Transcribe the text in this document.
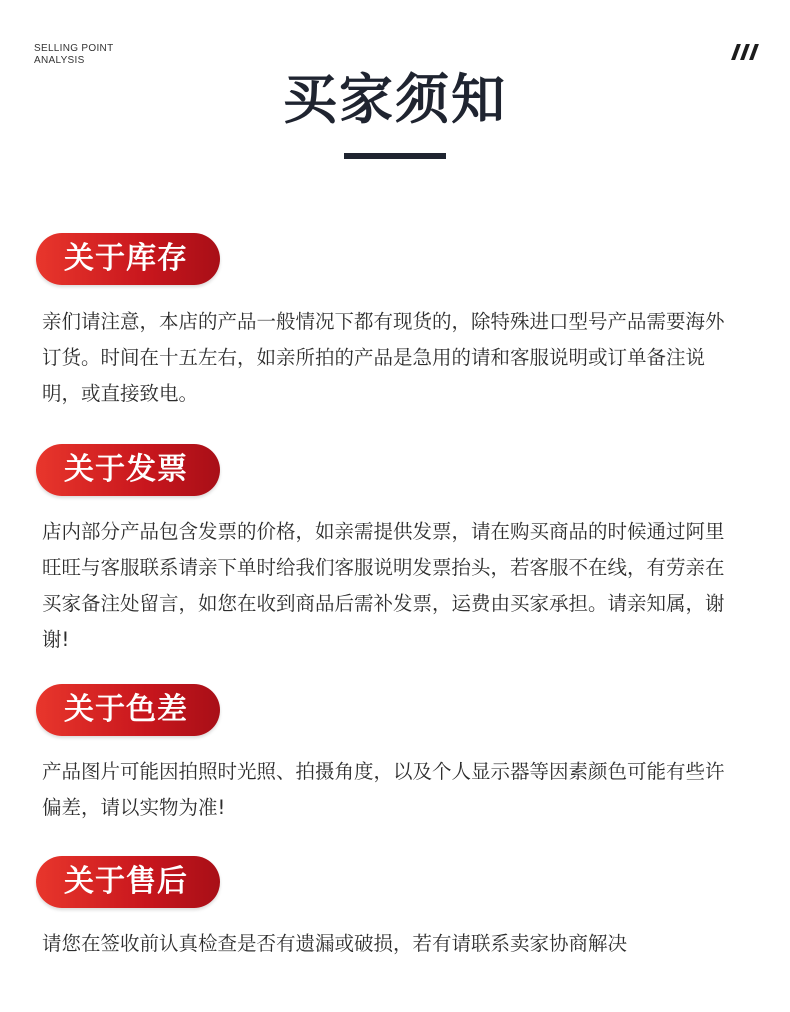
SELLING POINT
ANALYSIS
买家须知
关于库存
亲们请注意，本店的产品一般情况下都有现货的，除特殊进口型号产品需要海外订货。时间在十五左右，如亲所拍的产品是急用的请和客服说明或订单备注说明，或直接致电。
关于发票
店内部分产品包含发票的价格，如亲需提供发票，请在购买商品的时候通过阿里旺旺与客服联系请亲下单时给我们客服说明发票抬头，若客服不在线，有劳亲在买家备注处留言，如您在收到商品后需补发票，运费由买家承担。请亲知属，谢谢!
关于色差
产品图片可能因拍照时光照、拍摄角度，以及个人显示器等因素颜色可能有些许偏差，请以实物为准!
关于售后
请您在签收前认真检查是否有遗漏或破损，若有请联系卖家协商解决
